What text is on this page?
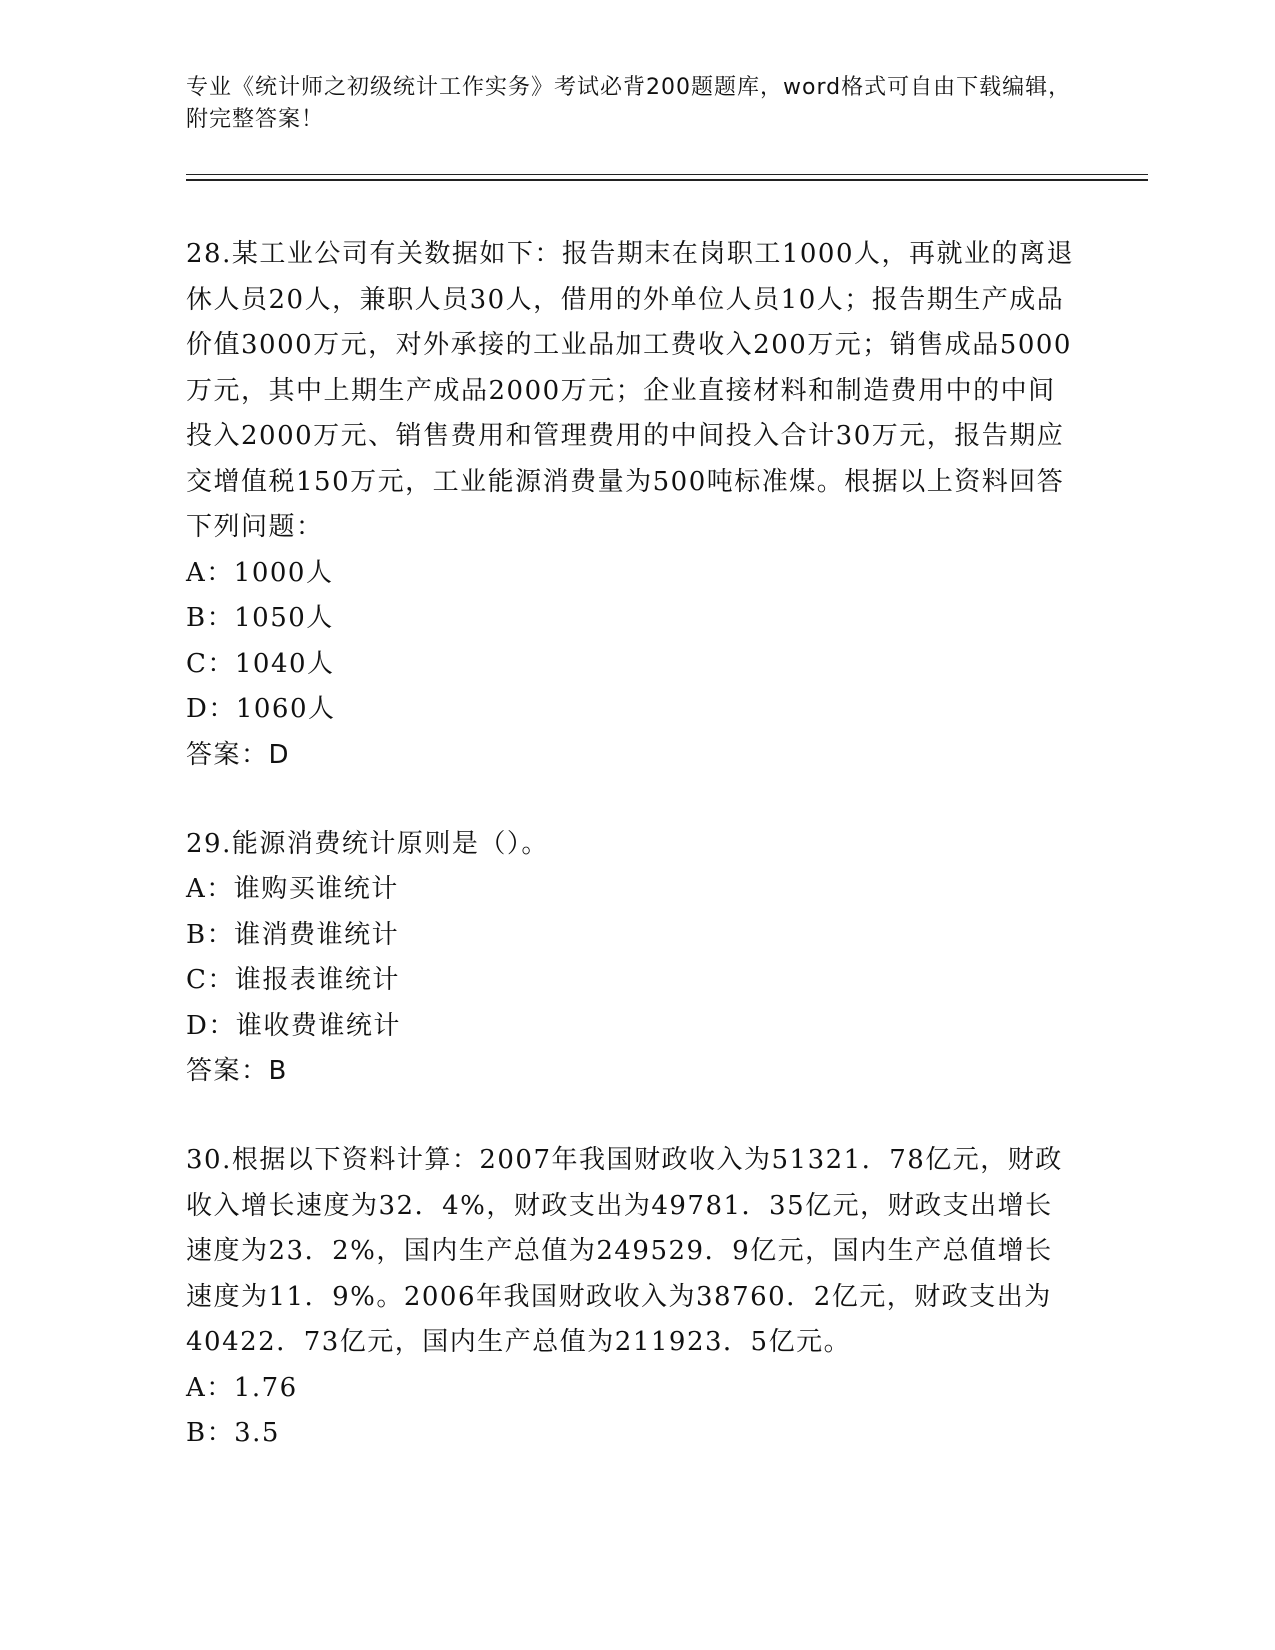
专业《统计师之初级统计工作实务》考试必背200题题库，word格式可自由下载编辑，附完整答案！

28.某工业公司有关数据如下：报告期末在岗职工1000人，再就业的离退休人员20人，兼职人员30人，借用的外单位人员10人；报告期生产成品价值3000万元，对外承接的工业品加工费收入200万元；销售成品5000万元，其中上期生产成品2000万元；企业直接材料和制造费用中的中间投入2000万元、销售费用和管理费用的中间投入合计30万元，报告期应交增值税150万元，工业能源消费量为500吨标准煤。根据以上资料回答下列问题：

A：1000人

B：1050人

C：1040人

D：1060人

答案：D

29.能源消费统计原则是（）。

A：谁购买谁统计

B：谁消费谁统计

C：谁报表谁统计

D：谁收费谁统计

答案：B

30.根据以下资料计算：2007年我国财政收入为51321．78亿元，财政收入增长速度为32．4%，财政支出为49781．35亿元，财政支出增长速度为23．2%，国内生产总值为249529．9亿元，国内生产总值增长速度为11．9%。2006年我国财政收入为38760．2亿元，财政支出为40422．73亿元，国内生产总值为211923．5亿元。

A：1.76

B：3.5
